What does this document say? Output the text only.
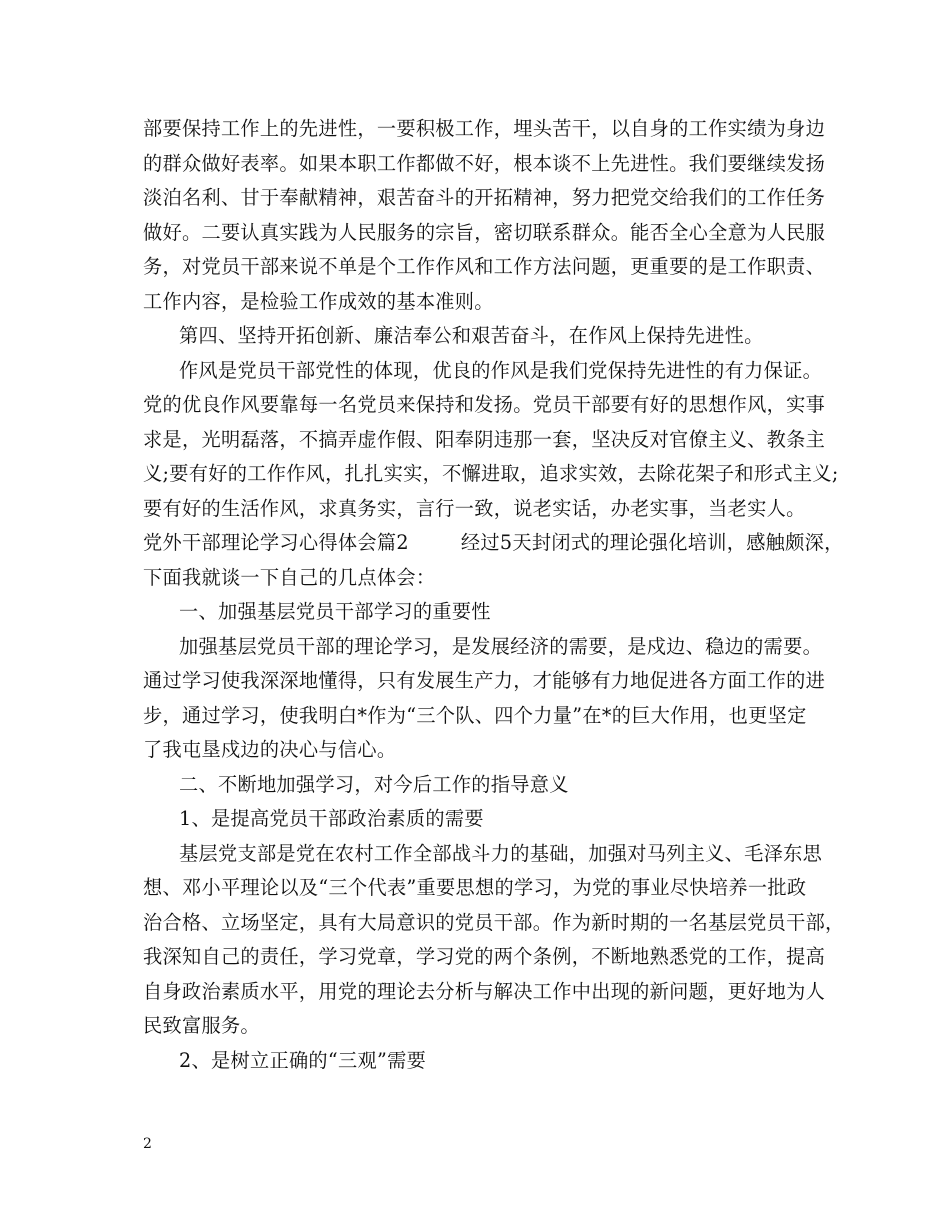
部要保持工作上的先进性，一要积极工作，埋头苦干，以自身的工作实绩为身边
的群众做好表率。如果本职工作都做不好，根本谈不上先进性。我们要继续发扬
淡泊名利、甘于奉献精神，艰苦奋斗的开拓精神，努力把党交给我们的工作任务
做好。二要认真实践为人民服务的宗旨，密切联系群众。能否全心全意为人民服
务，对党员干部来说不单是个工作作风和工作方法问题，更重要的是工作职责、
工作内容，是检验工作成效的基本准则。
第四、坚持开拓创新、廉洁奉公和艰苦奋斗，在作风上保持先进性。
作风是党员干部党性的体现，优良的作风是我们党保持先进性的有力保证。
党的优良作风要靠每一名党员来保持和发扬。党员干部要有好的思想作风，实事
求是，光明磊落，不搞弄虚作假、阳奉阴违那一套，坚决反对官僚主义、教条主
义;要有好的工作作风，扎扎实实，不懈进取，追求实效，去除花架子和形式主义;
要有好的生活作风，求真务实，言行一致，说老实话，办老实事，当老实人。
党外干部理论学习心得体会篇2	经过5天封闭式的理论强化培训，感触颇深，
下面我就谈一下自己的几点体会：
一、加强基层党员干部学习的重要性
加强基层党员干部的理论学习，是发展经济的需要，是戍边、稳边的需要。
通过学习使我深深地懂得，只有发展生产力，才能够有力地促进各方面工作的进
步，通过学习，使我明白*作为“三个队、四个力量”在*的巨大作用，也更坚定
了我屯垦戍边的决心与信心。
二、不断地加强学习，对今后工作的指导意义
1、是提高党员干部政治素质的需要
基层党支部是党在农村工作全部战斗力的基础，加强对马列主义、毛泽东思
想、邓小平理论以及“三个代表”重要思想的学习，为党的事业尽快培养一批政
治合格、立场坚定，具有大局意识的党员干部。作为新时期的一名基层党员干部，
我深知自己的责任，学习党章，学习党的两个条例，不断地熟悉党的工作，提高
自身政治素质水平，用党的理论去分析与解决工作中出现的新问题，更好地为人
民致富服务。
2、是树立正确的“三观”需要
2
